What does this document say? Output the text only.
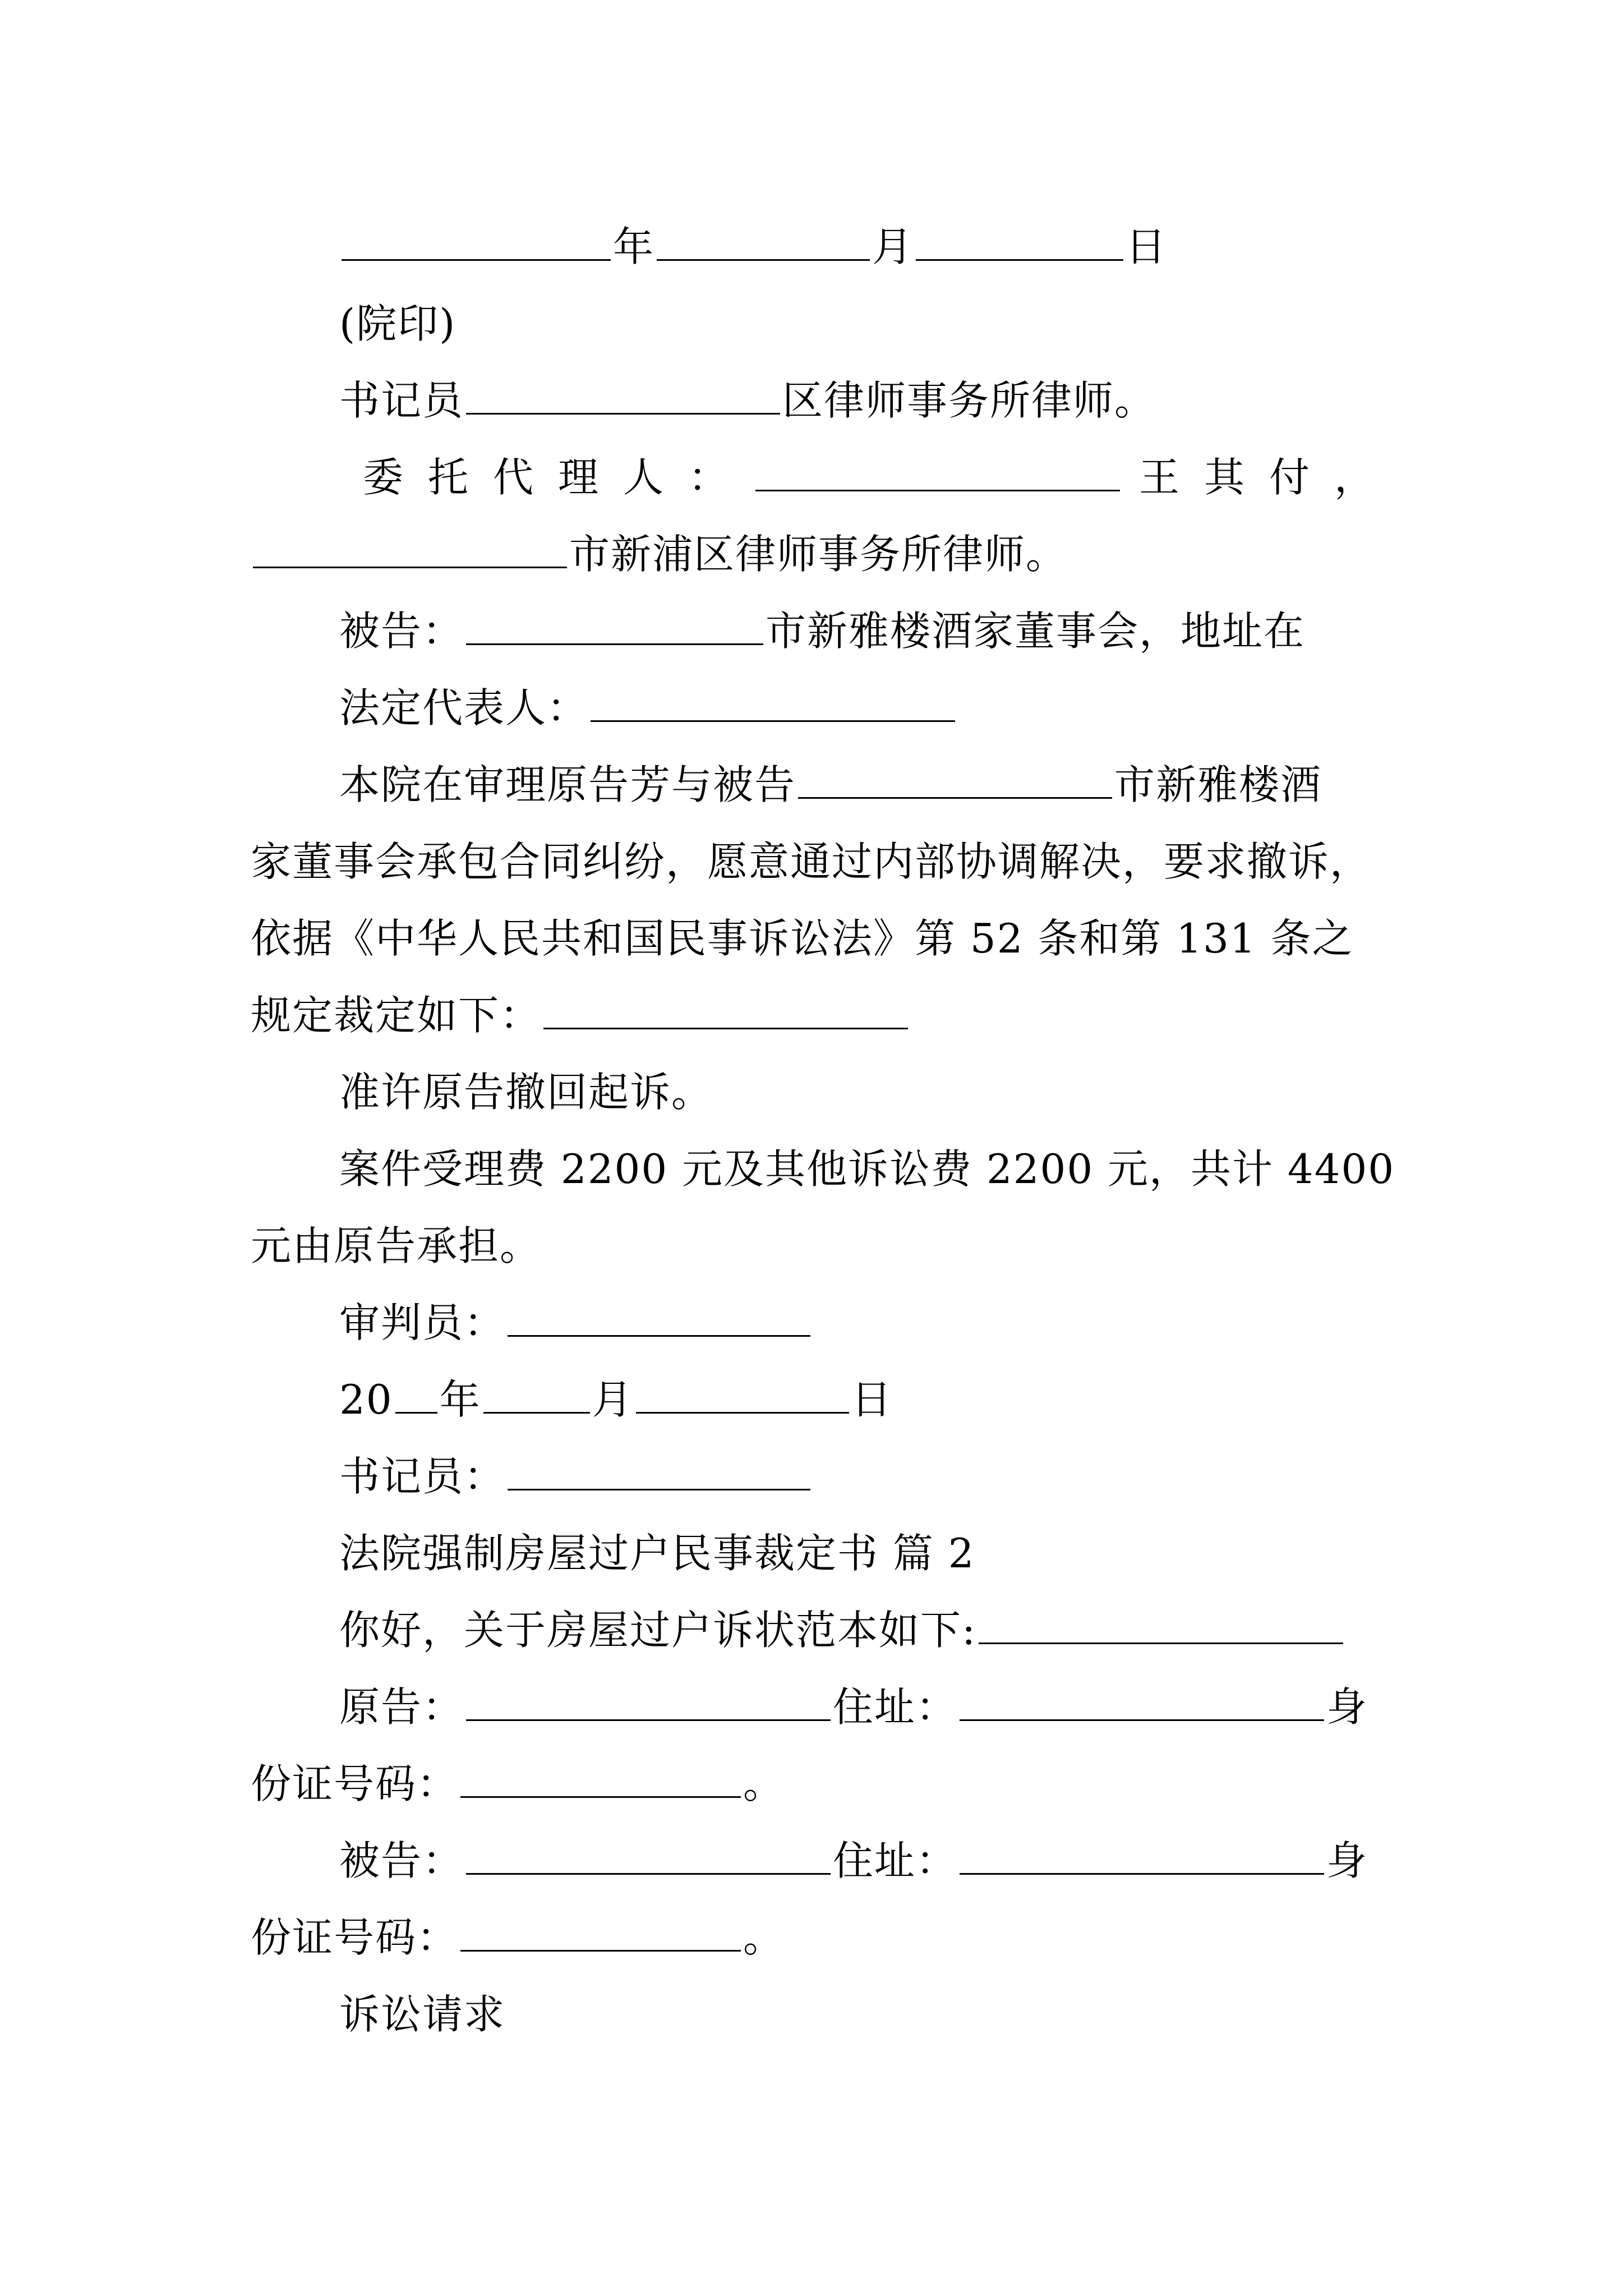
年	月	日
(院印)
书记员	区律师事务所律师。
委托代理人：	王其付，
市新浦区律师事务所律师。
被告：	市新雅楼酒家董事会，地址在
法定代表人：
本院在审理原告芳与被告	市新雅楼酒
家董事会承包合同纠纷，愿意通过内部协调解决，要求撤诉，
依据《中华人民共和国民事诉讼法》第 52 条和第 131 条之
规定裁定如下：
准许原告撤回起诉。
案件受理费 2200 元及其他诉讼费 2200 元，共计 4400
元由原告承担。
审判员：
20 年	月	日
书记员：
法院强制房屋过户民事裁定书 篇 2
你好，关于房屋过户诉状范本如下:
原告：	住址：	身
份证号码：	。
被告：	住址：	身
份证号码：	。
诉讼请求
